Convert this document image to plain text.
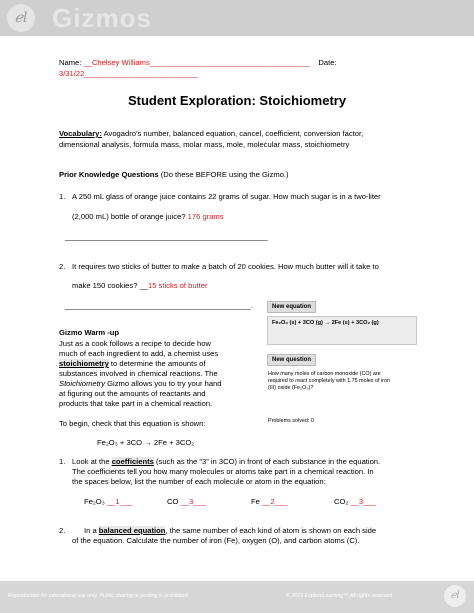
ℯl Gizmos
Name: __Chelsey Williams______________________________________ Date:
3/31/22___________________________
Student Exploration: Stoichiometry
Vocabulary: Avogadro’s number, balanced equation, cancel, coefficient, conversion factor,
dimensional analysis, formula mass, molar mass, mole, molecular mass, stoichiometry
Prior Knowledge Questions (Do these BEFORE using the Gizmo.)
1. A 250 mL glass of orange juice contains 22 grams of sugar. How much sugar is in a two-liter
(2,000 mL) bottle of orange juice? 176 grams
________________________________________________
2. It requires two sticks of butter to make a batch of 20 cookies. How much butter will it take to
make 150 cookies? __15 sticks of butter
____________________________________________.
Gizmo Warm -up
Just as a cook follows a recipe to decide how
much of each ingredient to add, a chemist uses
stoichiometry to determine the amounts of
substances involved in chemical reactions. The
Stoichiometry Gizmo allows you to try your hand
at figuring out the amounts of reactants and
products that take part in a chemical reaction.
To begin, check that this equation is shown:
Fe₂O₃ + 3CO → 2Fe + 3CO₂
New equation
Fe₂O₃ (s) + 3CO (g) → 2Fe (s) + 3CO₂ (g)
New question
How many moles of carbon monoxide (CO) are
required to react completely with 1.75 moles of iron
(III) oxide (Fe₂O₃)?
Problems solved: 0
1. Look at the coefficients (such as the “3” in 3CO) in front of each substance in the equation.
The coefficients tell you how many molecules or atoms take part in a chemical reaction. In
the spaces below, list the number of each molecule or atom in the equation:
Fe₂O₃ __1___	CO __3___	Fe __2___	CO₂ __3___
2. In a balanced equation, the same number of each kind of atom is shown on each side
of the equation. Calculate the number of iron (Fe), oxygen (O), and carbon atoms (C).
Reproduction for educational use only. Public sharing or posting is prohibited.	© 2019 ExploreLearning™ All rights reserved	ℯl
